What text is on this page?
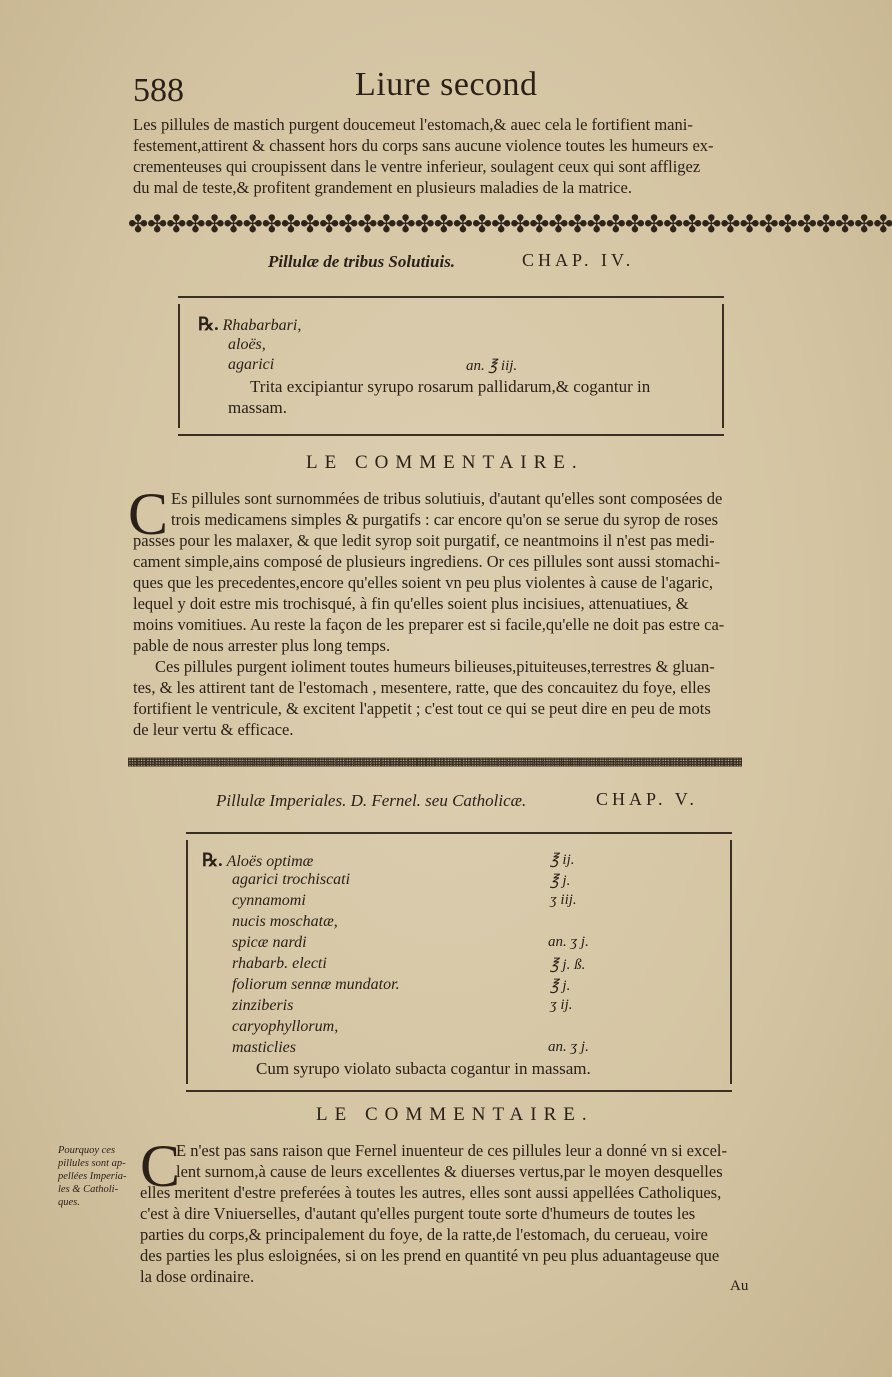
588	Liure second
Les pillules de mastich purgent doucemeut l'estomach,& auec cela le fortifient mani-
festement,attirent & chassent hors du corps sans aucune violence toutes les humeurs ex-
crementeuses qui croupissent dans le ventre inferieur, soulagent ceux qui sont affligez
du mal de teste,& profitent grandement en plusieurs maladies de la matrice.
✤✤✤✤✤✤✤✤✤✤✤✤✤✤✤✤✤✤✤✤✤✤✤✤✤✤✤✤✤✤✤✤✤✤✤✤✤✤✤✤
Pillulæ de tribus Solutiuis.	CHAP. IV.
℞. Rhabarbari,
aloës,
agarici	an. ℥ iij.
Trita excipiantur syrupo rosarum pallidarum,& cogantur in
massam.
LE COMMENTAIRE.
C Es pillules sont surnommées de tribus solutiuis, d'autant qu'elles sont composées de
trois medicamens simples & purgatifs : car encore qu'on se serue du syrop de roses
passes pour les malaxer, & que ledit syrop soit purgatif, ce neantmoins il n'est pas medi-
cament simple,ains composé de plusieurs ingrediens. Or ces pillules sont aussi stomachi-
ques que les precedentes,encore qu'elles soient vn peu plus violentes à cause de l'agaric,
lequel y doit estre mis trochisqué, à fin qu'elles soient plus incisiues, attenuatiues, &
moins vomitiues. Au reste la façon de les preparer est si facile,qu'elle ne doit pas estre ca-
pable de nous arrester plus long temps.
Ces pillules purgent ioliment toutes humeurs bilieuses,pituiteuses,terrestres & gluan-
tes, & les attirent tant de l'estomach , mesentere, ratte, que des concauitez du foye, elles
fortifient le ventricule, & excitent l'appetit ; c'est tout ce qui se peut dire en peu de mots
de leur vertu & efficace.
▦▦▦▦▦▦▦▦▦▦▦▦▦▦▦▦▦▦▦▦▦▦▦▦▦▦▦▦▦▦▦▦▦▦▦▦▦▦▦▦▦▦▦▦▦▦▦▦▦▦▦▦▦▦▦▦▦▦▦▦▦▦▦▦▦▦▦▦
Pillulæ Imperiales. D. Fernel. seu Catholicæ.	CHAP. V.
℞. Aloës optimæ	℥ ij.
agarici trochiscati	℥ j.
cynnamomi	ʒ iij.
nucis moschatæ,
spicæ nardi	an. ʒ j.
rhabarb. electi	℥ j. ß.
foliorum sennæ mundator.	℥ j.
zinziberis	ʒ ij.
caryophyllorum,
masticlies	an. ʒ j.
Cum syrupo violato subacta cogantur in massam.
LE COMMENTAIRE.
Pourquoy ces
pillules sont ap-
pellées Imperia-
les & Catholi-
ques.
C
E n'est pas sans raison que Fernel inuenteur de ces pillules leur a donné vn si excel-
lent surnom,à cause de leurs excellentes & diuerses vertus,par le moyen desquelles
elles meritent d'estre preferées à toutes les autres, elles sont aussi appellées Catholiques,
c'est à dire Vniuerselles, d'autant qu'elles purgent toute sorte d'humeurs de toutes les
parties du corps,& principalement du foye, de la ratte,de l'estomach, du cerueau, voire
des parties les plus esloignées, si on les prend en quantité vn peu plus aduantageuse que
la dose ordinaire.	Au
